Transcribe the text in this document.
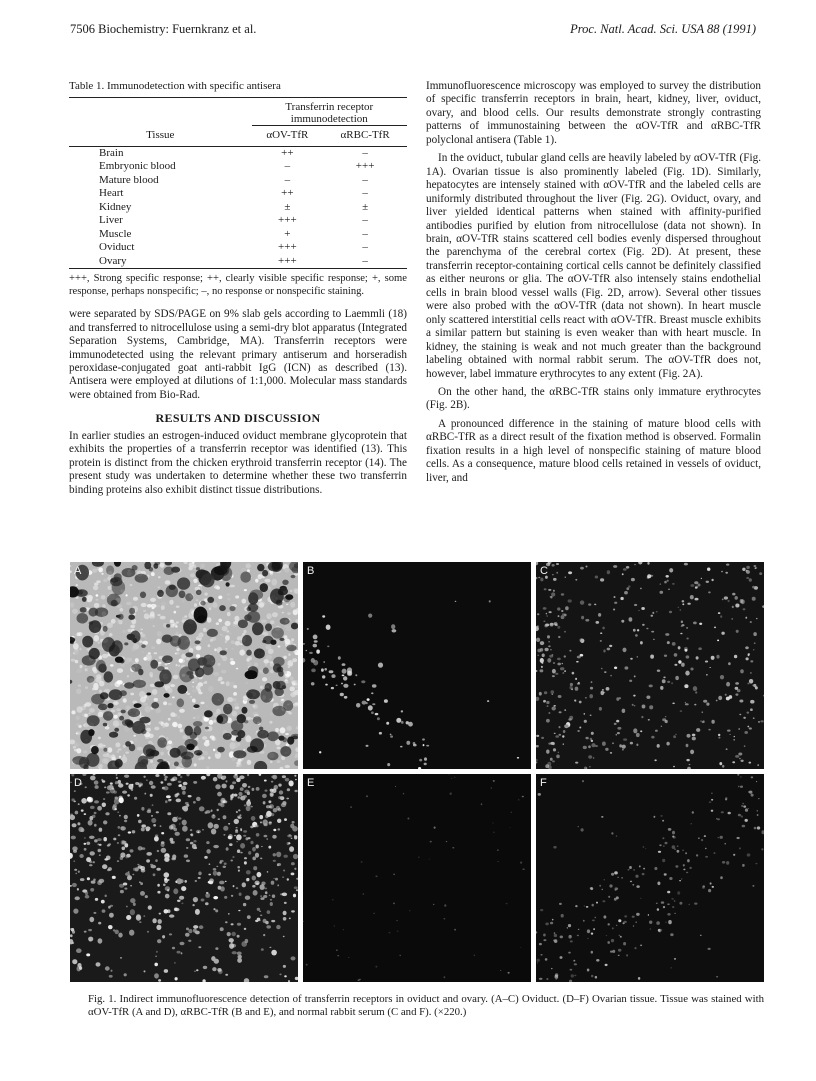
7506 Biochemistry: Fuernkranz et al.	Proc. Natl. Acad. Sci. USA 88 (1991)
Table 1. Immunodetection with specific antisera
Tissue	Transferrin receptor immunodetection	
	αOV-TfR	αRBC-TfR
Brain	++	–
Embryonic blood	–	+++
Mature blood	–	–
Heart	++	–
Kidney	±	±
Liver	+++	–
Muscle	+	–
Oviduct	+++	–
Ovary	+++	–
+++, Strong specific response; ++, clearly visible specific response; +, some response, perhaps nonspecific; –, no response or nonspecific staining.

were separated by SDS/PAGE on 9% slab gels according to Laemmli (18) and transferred to nitrocellulose using a semi-dry blot apparatus (Integrated Separation Systems, Cambridge, MA). Transferrin receptors were immunodetected using the relevant primary antiserum and horseradish peroxidase-conjugated goat anti-rabbit IgG (ICN) as described (13). Antisera were employed at dilutions of 1:1,000. Molecular mass standards were obtained from Bio-Rad.

RESULTS AND DISCUSSION

In earlier studies an estrogen-induced oviduct membrane glycoprotein that exhibits the properties of a transferrin receptor was identified (13). This protein is distinct from the chicken erythroid transferrin receptor (14). The present study was undertaken to determine whether these two transferrin binding proteins also exhibit distinct tissue distributions.

Immunofluorescence microscopy was employed to survey the distribution of specific transferrin receptors in brain, heart, kidney, liver, oviduct, ovary, and blood cells. Our results demonstrate strongly contrasting patterns of immunostaining between the αOV-TfR and αRBC-TfR polyclonal antisera (Table 1).

In the oviduct, tubular gland cells are heavily labeled by αOV-TfR (Fig. 1A). Ovarian tissue is also prominently labeled (Fig. 1D). Similarly, hepatocytes are intensely stained with αOV-TfR and the labeled cells are uniformly distributed throughout the liver (Fig. 2G). Oviduct, ovary, and liver yielded identical patterns when stained with affinity-purified antibodies purified by elution from nitrocellulose (data not shown). In brain, αOV-TfR stains scattered cell bodies evenly dispersed throughout the parenchyma of the cerebral cortex (Fig. 2D). At present, these transferrin receptor-containing cortical cells cannot be definitely classified as either neurons or glia. The αOV-TfR also intensely stains endothelial cells in brain blood vessel walls (Fig. 2D, arrow). Several other tissues were also probed with the αOV-TfR (data not shown). In heart muscle only scattered interstitial cells react with αOV-TfR. Breast muscle exhibits a similar pattern but staining is even weaker than with heart muscle. In kidney, the staining is weak and not much greater than the background labeling obtained with normal rabbit serum. The αOV-TfR does not, however, label immature erythrocytes to any extent (Fig. 2A).

On the other hand, the αRBC-TfR stains only immature erythrocytes (Fig. 2B).

A pronounced difference in the staining of mature blood cells with αRBC-TfR as a direct result of the fixation method is observed. Formalin fixation results in a high level of nonspecific staining of mature blood cells. As a consequence, mature blood cells retained in vessels of oviduct, liver, and

A	B	C
D	E	F
Fig. 1. Indirect immunofluorescence detection of transferrin receptors in oviduct and ovary. (A–C) Oviduct. (D–F) Ovarian tissue. Tissue was stained with αOV-TfR (A and D), αRBC-TfR (B and E), and normal rabbit serum (C and F). (×220.)
